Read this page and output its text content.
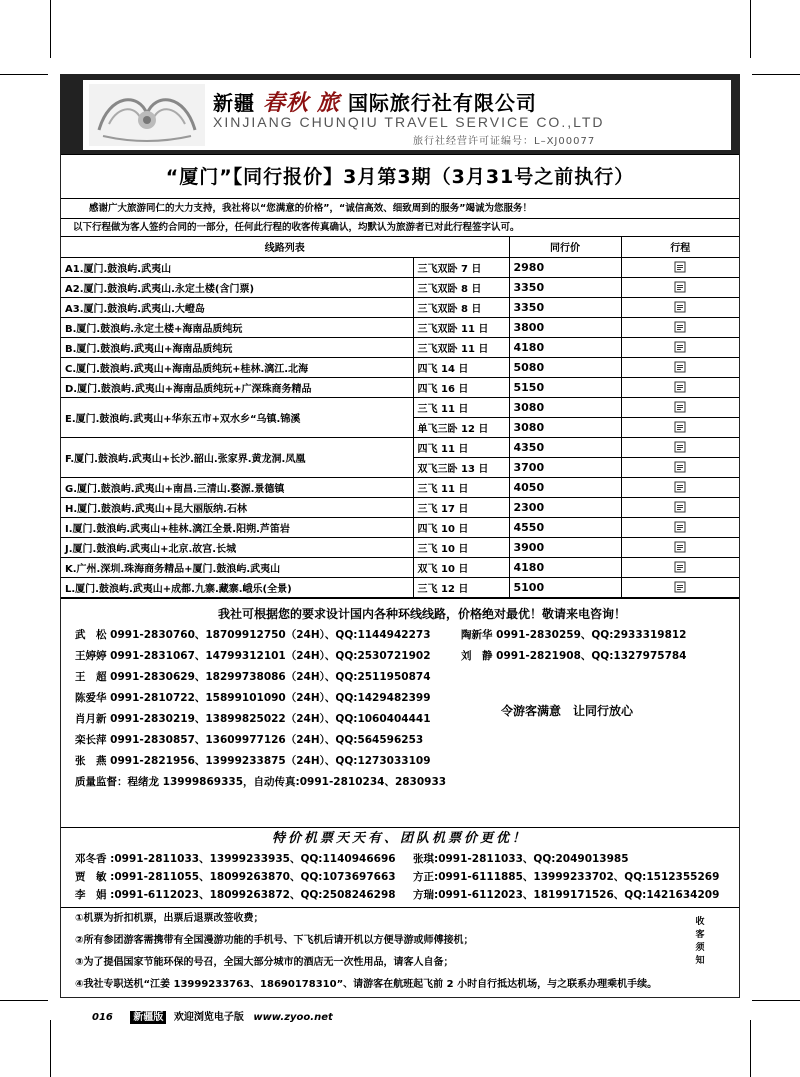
新疆 春秋 旅 国际旅行社有限公司
XINJIANG CHUNQIU TRAVEL SERVICE CO.,LTD
旅行社经营许可证编号：L–XJ00077
“厦门”【同行报价】3月第3期（3月31号之前执行）
感谢广大旅游同仁的大力支持，我社将以“您满意的价格”，“诚信高效、细致周到的服务”竭诚为您服务！
以下行程做为客人签约合同的一部分，任何此行程的收客传真确认，均默认为旅游者已对此行程签字认可。
线路列表		同行价	行程
A1.厦门.鼓浪屿.武夷山	三飞双卧 7 日	2980	
A2.厦门.鼓浪屿.武夷山.永定土楼(含门票)	三飞双卧 8 日	3350	
A3.厦门.鼓浪屿.武夷山.大嶝岛	三飞双卧 8 日	3350	
B.厦门.鼓浪屿.永定土楼+海南品质纯玩	三飞双卧 11 日	3800	
B.厦门.鼓浪屿.武夷山+海南品质纯玩	三飞双卧 11 日	4180	
C.厦门.鼓浪屿.武夷山+海南品质纯玩+桂林.漓江.北海	四飞 14 日	5080	
D.厦门.鼓浪屿.武夷山+海南品质纯玩+广深珠商务精品	四飞 16 日	5150	
E.厦门.鼓浪屿.武夷山+华东五市+双水乡“乌镇.锦溪	三飞 11 日	3080	
	单飞三卧 12 日	3080	
F.厦门.鼓浪屿.武夷山+长沙.韶山.张家界.黄龙洞.凤凰	四飞 11 日	4350	
	双飞三卧 13 日	3700	
G.厦门.鼓浪屿.武夷山+南昌.三清山.婺源.景德镇	三飞 11 日	4050	
H.厦门.鼓浪屿.武夷山+昆大丽版纳.石林	三飞 17 日	2300	
I.厦门.鼓浪屿.武夷山+桂林.漓江全景.阳朔.芦笛岩	四飞 10 日	4550	
J.厦门.鼓浪屿.武夷山+北京.故宫.长城	三飞 10 日	3900	
K.广州.深圳.珠海商务精品+厦门.鼓浪屿.武夷山	双飞 10 日	4180	
L.厦门.鼓浪屿.武夷山+成都.九寨.藏寨.峨乐(全景)	三飞 12 日	5100	
我社可根据您的要求设计国内各种环线线路，价格绝对最优！敬请来电咨询！
武　松 0991-2830760、18709912750（24H）、QQ:1144942273
王婷婷 0991-2831067、14799312101（24H）、QQ:2530721902
王　超 0991-2830629、18299738086（24H）、QQ:2511950874
陈爱华 0991-2810722、15899101090（24H）、QQ:1429482399
肖月新 0991-2830219、13899825022（24H）、QQ:1060404441
栾长萍 0991-2830857、13609977126（24H）、QQ:564596253
张　燕 0991-2821956、13999233875（24H）、QQ:1273033109
质量监督：程绪龙 13999869335，自动传真:0991-2810234、2830933
陶新华 0991-2830259、QQ:2933319812
刘　静 0991-2821908、QQ:1327975784
令游客满意　让同行放心
特价机票天天有、团队机票价更优！
邓冬香 :0991-2811033、13999233935、QQ:1140946696 张琪:0991-2811033、QQ:2049013985
贾　敏 :0991-2811055、18099263870、QQ:1073697663 方正:0991-6111885、13999233702、QQ:1512355269
李　娟 :0991-6112023、18099263872、QQ:2508246298 方瑞:0991-6112023、18199171526、QQ:1421634209
①机票为折扣机票，出票后退票改签收费；
②所有参团游客需携带有全国漫游功能的手机号、下飞机后请开机以方便导游或师傅接机；
③为了提倡国家节能环保的号召，全国大部分城市的酒店无一次性用品，请客人自备；
④我社专职送机“江姜 13999233763、18690178310”、请游客在航班起飞前 2 小时自行抵达机场，与之联系办理乘机手续。
收
客
须
知
016 新疆版 欢迎浏览电子版 www.zyoo.net
